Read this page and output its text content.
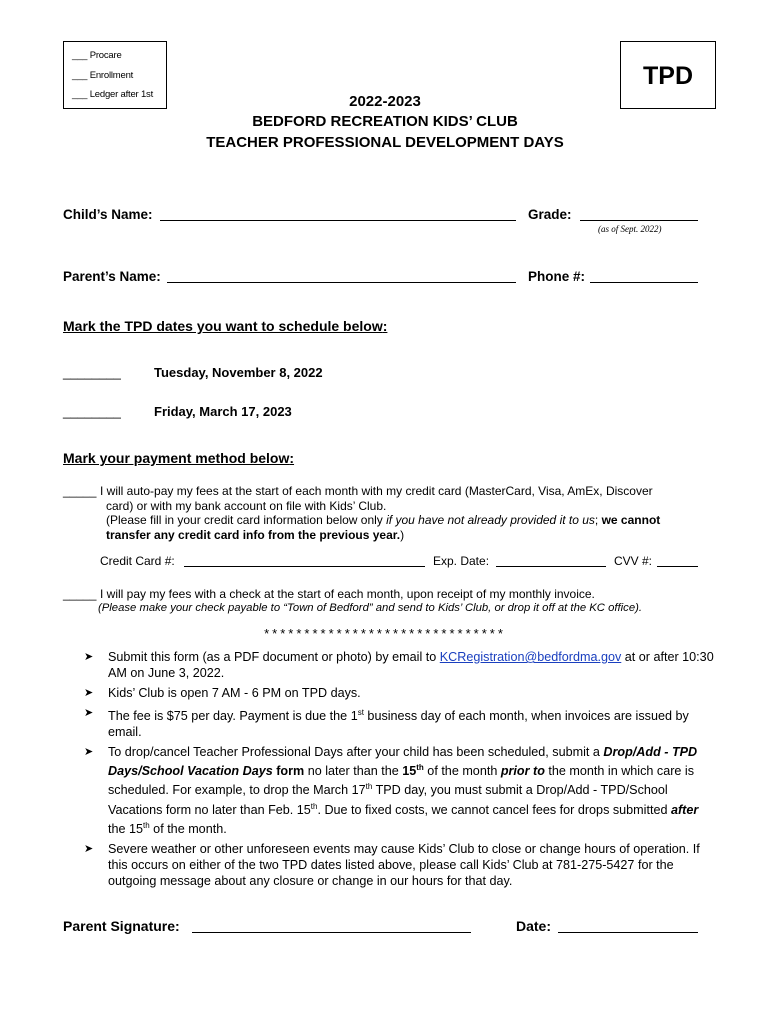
___ Procare
___ Enrollment
___ Ledger after 1st
TPD
2022-2023
BEDFORD RECREATION KIDS’ CLUB
TEACHER PROFESSIONAL DEVELOPMENT DAYS
Child’s Name:	Grade:
(as of Sept. 2022)
Parent’s Name:	Phone #:
Mark the TPD dates you want to schedule below:
________	Tuesday, November 8, 2022
________	Friday, March 17, 2023
Mark your payment method below:
_____ I will auto-pay my fees at the start of each month with my credit card (MasterCard, Visa, AmEx, Discover
card) or with my bank account on file with Kids’ Club.
(Please fill in your credit card information below only if you have not already provided it to us; we cannot
transfer any credit card info from the previous year.)
Credit Card #:	Exp. Date:	CVV #:
_____ I will pay my fees with a check at the start of each month, upon receipt of my monthly invoice.
(Please make your check payable to “Town of Bedford” and send to Kids’ Club, or drop it off at the KC office).
******************************
➤ Submit this form (as a PDF document or photo) by email to KCRegistration@bedfordma.gov at or after 10:30 AM on June 3, 2022.
➤ Kids’ Club is open 7 AM - 6 PM on TPD days.
➤ The fee is $75 per day. Payment is due the 1st business day of each month, when invoices are issued by email.
➤ To drop/cancel Teacher Professional Days after your child has been scheduled, submit a Drop/Add - TPD Days/School Vacation Days form no later than the 15th of the month prior to the month in which care is scheduled. For example, to drop the March 17th TPD day, you must submit a Drop/Add - TPD/School Vacations form no later than Feb. 15th. Due to fixed costs, we cannot cancel fees for drops submitted after the 15th of the month.
➤ Severe weather or other unforeseen events may cause Kids’ Club to close or change hours of operation. If this occurs on either of the two TPD dates listed above, please call Kids’ Club at 781-275-5427 for the outgoing message about any closure or change in our hours for that day.
Parent Signature:	Date:
